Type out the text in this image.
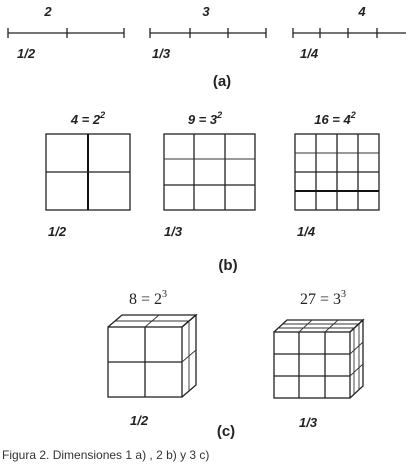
2
1/2
3
1/3
4
1/4
(a)
$4 = 2^2$
1/2
$9 = 3^2$
1/3
$16 = 4^2$
1/4
(b)
$8 = 2^3$
1/2
$27 = 3^3$
1/3
(c)
Figura 2. Dimensiones 1 a) , 2 b) y 3 c)
